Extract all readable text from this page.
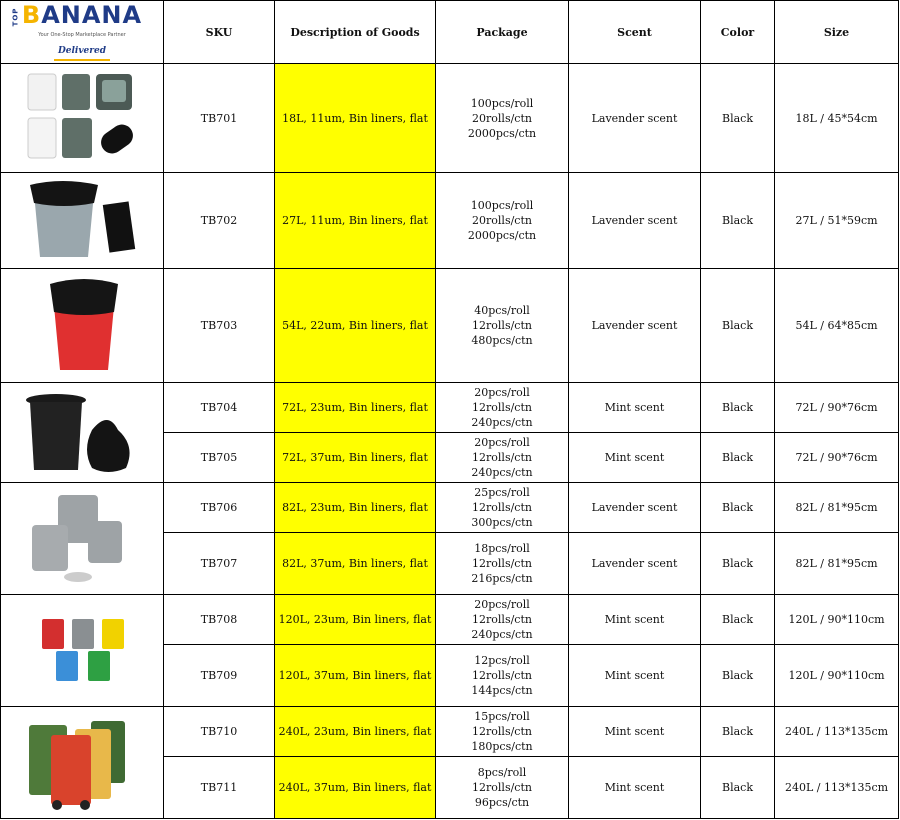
TOP BANANA
Your One-Stop Marketplace Partner
Delivered	SKU	Description of Goods	Package	Scent	Color	Size

	TB701	18L, 11um, Bin liners, flat	100pcs/roll
20rolls/ctn
2000pcs/ctn	Lavender scent	Black	18L / 45*54cm

	TB702	27L, 11um, Bin liners, flat	100pcs/roll
20rolls/ctn
2000pcs/ctn	Lavender scent	Black	27L / 51*59cm

	TB703	54L, 22um, Bin liners, flat	40pcs/roll
12rolls/ctn
480pcs/ctn	Lavender scent	Black	54L / 64*85cm

	TB704	72L, 23um, Bin liners, flat	20pcs/roll
12rolls/ctn
240pcs/ctn	Mint scent	Black	72L / 90*76cm
	TB705	72L, 37um, Bin liners, flat	20pcs/roll
12rolls/ctn
240pcs/ctn	Mint scent	Black	72L / 90*76cm

	TB706	82L, 23um, Bin liners, flat	25pcs/roll
12rolls/ctn
300pcs/ctn	Lavender scent	Black	82L / 81*95cm
	TB707	82L, 37um, Bin liners, flat	18pcs/roll
12rolls/ctn
216pcs/ctn	Lavender scent	Black	82L / 81*95cm

	TB708	120L, 23um, Bin liners, flat	20pcs/roll
12rolls/ctn
240pcs/ctn	Mint scent	Black	120L / 90*110cm
	TB709	120L, 37um, Bin liners, flat	12pcs/roll
12rolls/ctn
144pcs/ctn	Mint scent	Black	120L / 90*110cm

	TB710	240L, 23um, Bin liners, flat	15pcs/roll
12rolls/ctn
180pcs/ctn	Mint scent	Black	240L / 113*135cm
	TB711	240L, 37um, Bin liners, flat	8pcs/roll
12rolls/ctn
96pcs/ctn	Mint scent	Black	240L / 113*135cm
